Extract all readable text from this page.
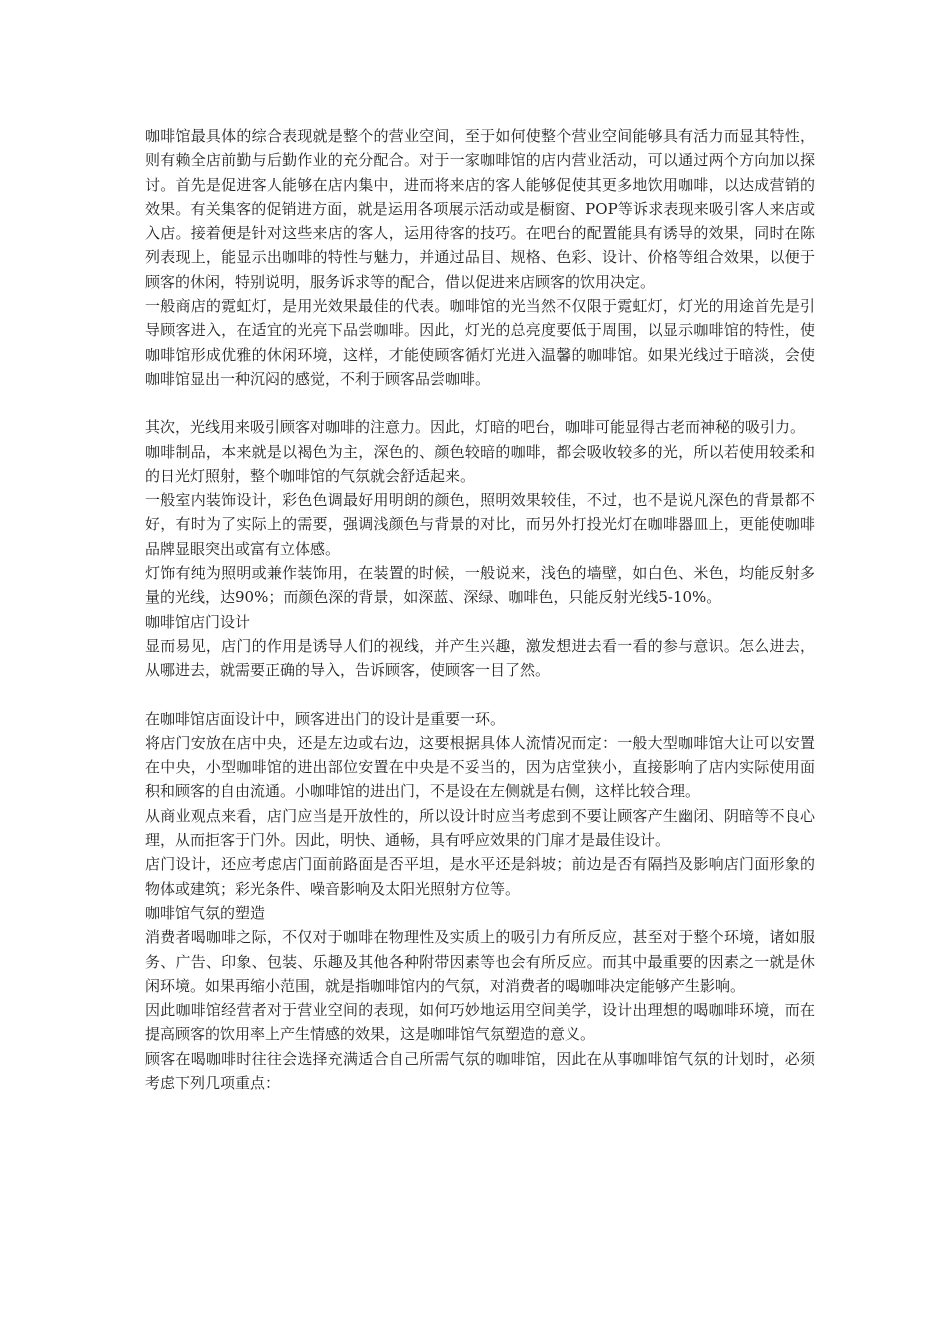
咖啡馆最具体的综合表现就是整个的营业空间，至于如何使整个营业空间能够具有活力而显其特性，则有赖全店前勤与后勤作业的充分配合。对于一家咖啡馆的店内营业活动，可以通过两个方向加以探讨。首先是促进客人能够在店内集中，进而将来店的客人能够促使其更多地饮用咖啡，以达成营销的效果。有关集客的促销进方面，就是运用各项展示活动或是橱窗、POP等诉求表现来吸引客人来店或入店。接着便是针对这些来店的客人，运用待客的技巧。在吧台的配置能具有诱导的效果，同时在陈列表现上，能显示出咖啡的特性与魅力，并通过品目、规格、色彩、设计、价格等组合效果，以便于顾客的休闲，特别说明，服务诉求等的配合，借以促进来店顾客的饮用决定。

一般商店的霓虹灯，是用光效果最佳的代表。咖啡馆的光当然不仅限于霓虹灯，灯光的用途首先是引导顾客进入，在适宜的光亮下品尝咖啡。因此，灯光的总亮度要低于周围，以显示咖啡馆的特性，使咖啡馆形成优雅的休闲环境，这样，才能使顾客循灯光进入温馨的咖啡馆。如果光线过于暗淡，会使咖啡馆显出一种沉闷的感觉，不利于顾客品尝咖啡。

其次，光线用来吸引顾客对咖啡的注意力。因此，灯暗的吧台，咖啡可能显得古老而神秘的吸引力。

咖啡制品，本来就是以褐色为主，深色的、颜色较暗的咖啡，都会吸收较多的光，所以若使用较柔和的日光灯照射，整个咖啡馆的气氛就会舒适起来。

一般室内装饰设计，彩色色调最好用明朗的颜色，照明效果较佳，不过，也不是说凡深色的背景都不好，有时为了实际上的需要，强调浅颜色与背景的对比，而另外打投光灯在咖啡器皿上，更能使咖啡品牌显眼突出或富有立体感。

灯饰有纯为照明或兼作装饰用，在装置的时候，一般说来，浅色的墙壁，如白色、米色，均能反射多量的光线，达90%；而颜色深的背景，如深蓝、深绿、咖啡色，只能反射光线5-10%。

咖啡馆店门设计

显而易见，店门的作用是诱导人们的视线，并产生兴趣，激发想进去看一看的参与意识。怎么进去，从哪进去，就需要正确的导入，告诉顾客，使顾客一目了然。

在咖啡馆店面设计中，顾客进出门的设计是重要一环。

将店门安放在店中央，还是左边或右边，这要根据具体人流情况而定：一般大型咖啡馆大让可以安置在中央，小型咖啡馆的进出部位安置在中央是不妥当的，因为店堂狭小，直接影响了店内实际使用面积和顾客的自由流通。小咖啡馆的进出门，不是设在左侧就是右侧，这样比较合理。

从商业观点来看，店门应当是开放性的，所以设计时应当考虑到不要让顾客产生幽闭、阴暗等不良心理，从而拒客于门外。因此，明快、通畅，具有呼应效果的门扉才是最佳设计。

店门设计，还应考虑店门面前路面是否平坦，是水平还是斜坡；前边是否有隔挡及影响店门面形象的物体或建筑；彩光条件、噪音影响及太阳光照射方位等。

咖啡馆气氛的塑造

消费者喝咖啡之际，不仅对于咖啡在物理性及实质上的吸引力有所反应，甚至对于整个环境，诸如服务、广告、印象、包装、乐趣及其他各种附带因素等也会有所反应。而其中最重要的因素之一就是休闲环境。如果再缩小范围，就是指咖啡馆内的气氛，对消费者的喝咖啡决定能够产生影响。

因此咖啡馆经营者对于营业空间的表现，如何巧妙地运用空间美学，设计出理想的喝咖啡环境，而在提高顾客的饮用率上产生情感的效果，这是咖啡馆气氛塑造的意义。

顾客在喝咖啡时往往会选择充满适合自己所需气氛的咖啡馆，因此在从事咖啡馆气氛的计划时，必须考虑下列几项重点：
